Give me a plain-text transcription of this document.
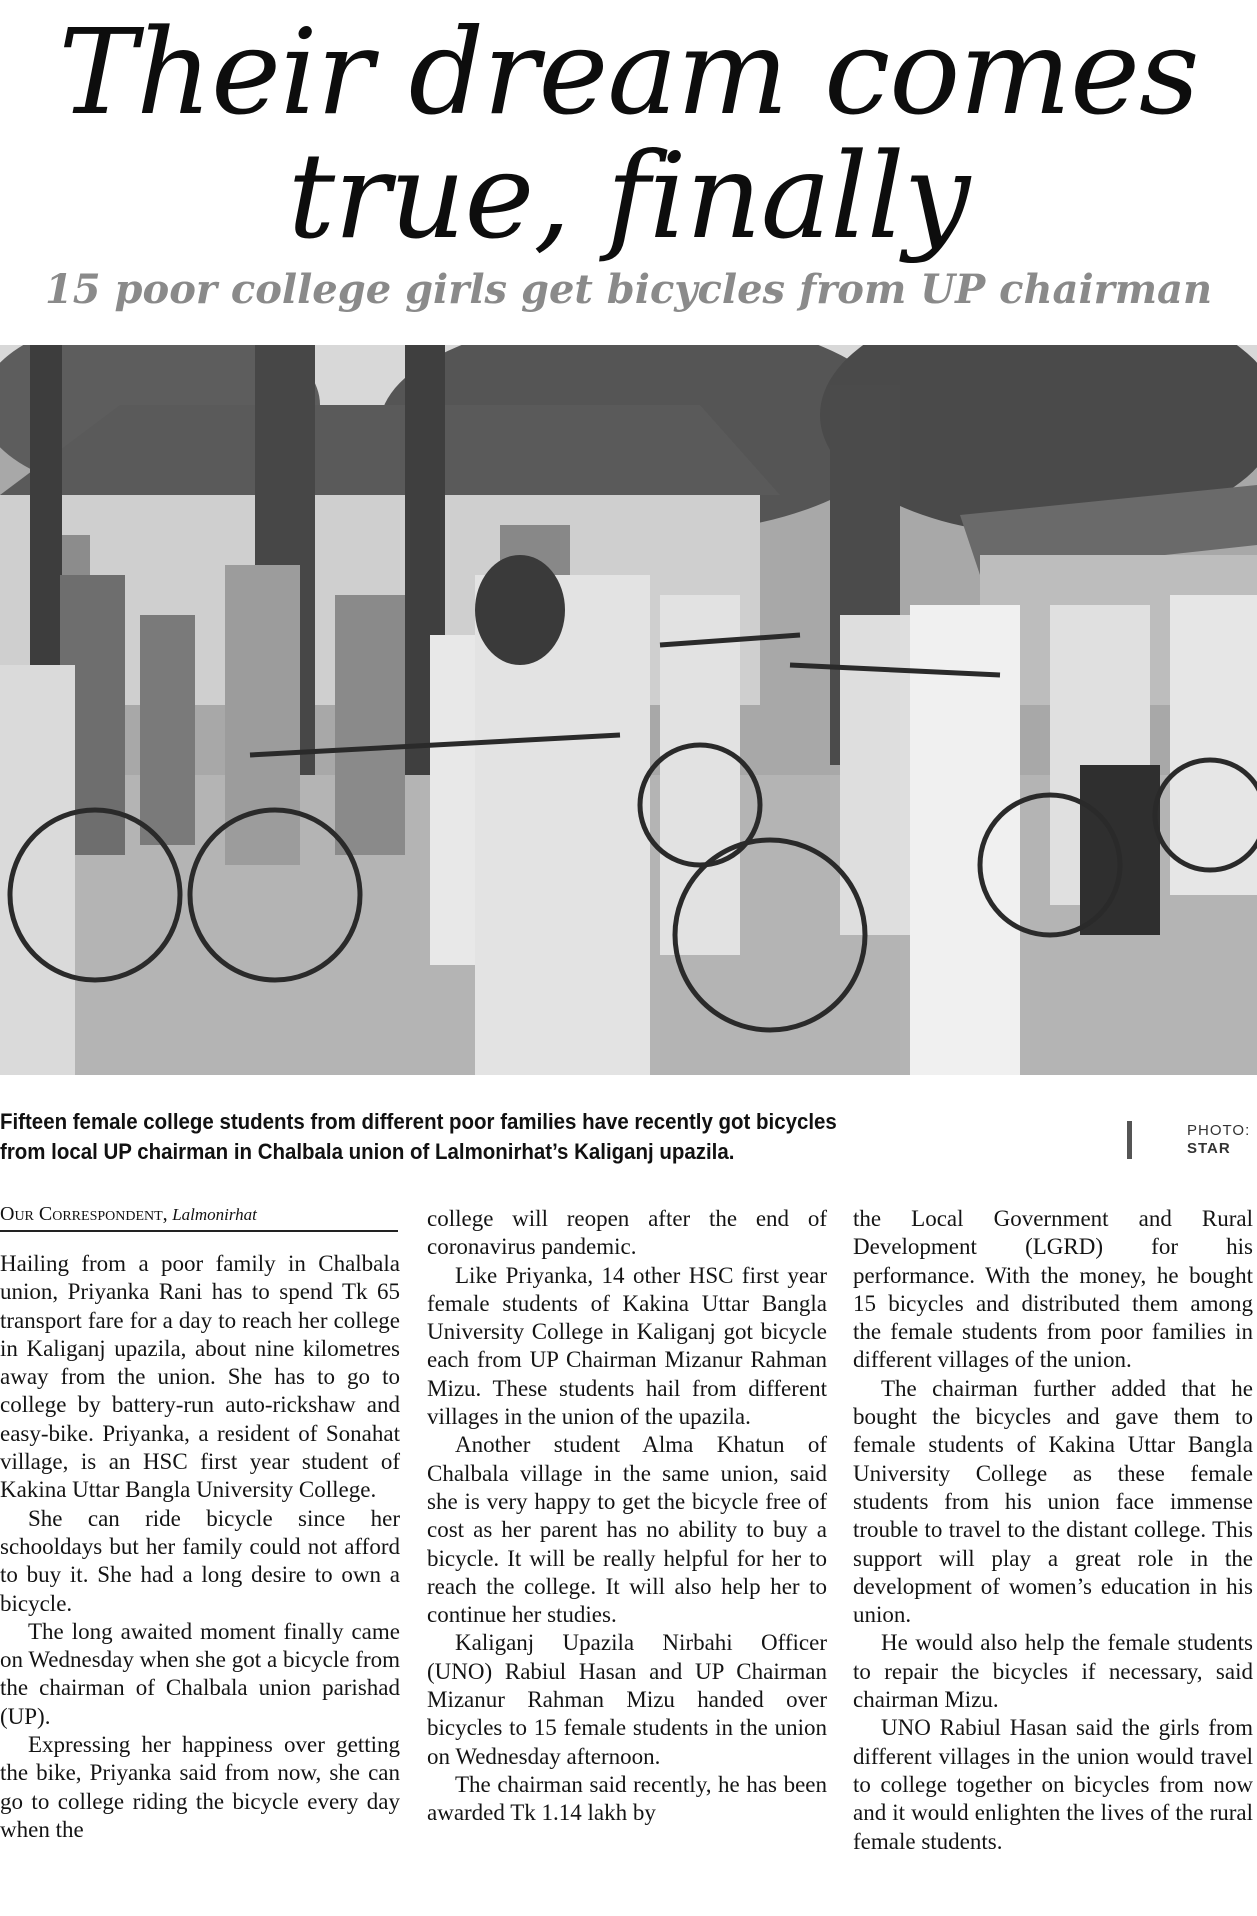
Their dream comes
true, finally
15 poor college girls get bicycles from UP chairman
Fifteen female college students from different poor families have recently got bicycles
from local UP chairman in Chalbala union of Lalmonirhat’s Kaliganj upazila.
PHOTO:
STAR
Our Correspondent, Lalmonirhat

Hailing from a poor family in Chalbala union, Priyanka Rani has to spend Tk 65 transport fare for a day to reach her college in Kaliganj upazila, about nine kilometres away from the union. She has to go to college by battery-run auto-rickshaw and easy-bike. Priyanka, a resident of Sonahat village, is an HSC first year student of Kakina Uttar Bangla University College.

She can ride bicycle since her schooldays but her family could not afford to buy it. She had a long desire to own a bicycle.

The long awaited moment finally came on Wednesday when she got a bicycle from the chairman of Chalbala union parishad (UP).

Expressing her happiness over getting the bike, Priyanka said from now, she can go to college riding the bicycle every day when the

college will reopen after the end of coronavirus pandemic.

Like Priyanka, 14 other HSC first year female students of Kakina Uttar Bangla University College in Kaliganj got bicycle each from UP Chairman Mizanur Rahman Mizu. These students hail from different villages in the union of the upazila.

Another student Alma Khatun of Chalbala village in the same union, said she is very happy to get the bicycle free of cost as her parent has no ability to buy a bicycle. It will be really helpful for her to reach the college. It will also help her to continue her studies.

Kaliganj Upazila Nirbahi Officer (UNO) Rabiul Hasan and UP Chairman Mizanur Rahman Mizu handed over bicycles to 15 female students in the union on Wednesday afternoon.

The chairman said recently, he has been awarded Tk 1.14 lakh by

the Local Government and Rural Development (LGRD) for his performance. With the money, he bought 15 bicycles and distributed them among the female students from poor families in different villages of the union.

The chairman further added that he bought the bicycles and gave them to female students of Kakina Uttar Bangla University College as these female students from his union face immense trouble to travel to the distant college. This support will play a great role in the development of women’s education in his union.

He would also help the female students to repair the bicycles if necessary, said chairman Mizu.

UNO Rabiul Hasan said the girls from different villages in the union would travel to college together on bicycles from now and it would enlighten the lives of the rural female students.
